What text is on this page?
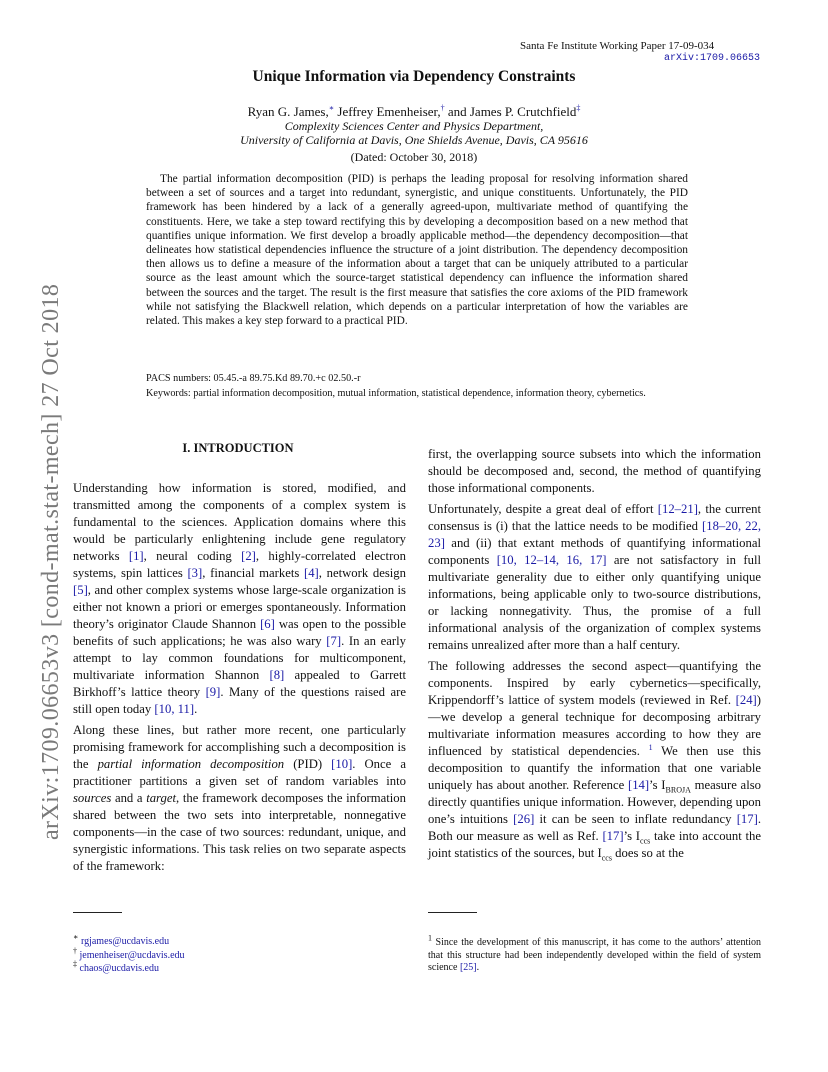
Santa Fe Institute Working Paper 17-09-034
arXiv:1709.06653
Unique Information via Dependency Constraints
Ryan G. James,∗ Jeffrey Emenheiser,† and James P. Crutchfield‡
Complexity Sciences Center and Physics Department,
University of California at Davis, One Shields Avenue, Davis, CA 95616
(Dated: October 30, 2018)
The partial information decomposition (PID) is perhaps the leading proposal for resolving information shared between a set of sources and a target into redundant, synergistic, and unique constituents. Unfortunately, the PID framework has been hindered by a lack of a generally agreed-upon, multivariate method of quantifying the constituents. Here, we take a step toward rectifying this by developing a decomposition based on a new method that quantifies unique information. We first develop a broadly applicable method—the dependency decomposition—that delineates how statistical dependencies influence the structure of a joint distribution. The dependency decomposition then allows us to define a measure of the information about a target that can be uniquely attributed to a particular source as the least amount which the source-target statistical dependency can influence the information shared between the sources and the target. The result is the first measure that satisfies the core axioms of the PID framework while not satisfying the Blackwell relation, which depends on a particular interpretation of how the variables are related. This makes a key step forward to a practical PID.
PACS numbers: 05.45.-a 89.75.Kd 89.70.+c 02.50.-r
Keywords: partial information decomposition, mutual information, statistical dependence, information theory, cybernetics.
arXiv:1709.06653v3 [cond-mat.stat-mech] 27 Oct 2018	I. INTRODUCTION

Understanding how information is stored, modified, and transmitted among the components of a complex system is fundamental to the sciences. Application domains where this would be particularly enlightening include gene regulatory networks [1], neural coding [2], highly-correlated electron systems, spin lattices [3], financial markets [4], network design [5], and other complex systems whose large-scale organization is either not known a priori or emerges spontaneously. Information theory’s originator Claude Shannon [6] was open to the possible benefits of such applications; he was also wary [7]. In an early attempt to lay common foundations for multicomponent, multivariate information Shannon [8] appealed to Garrett Birkhoff’s lattice theory [9]. Many of the questions raised are still open today [10, 11].

Along these lines, but rather more recent, one particularly promising framework for accomplishing such a decomposition is the partial information decomposition (PID) [10]. Once a practitioner partitions a given set of random variables into sources and a target, the framework decomposes the information shared between the two sets into interpretable, nonnegative components—in the case of two sources: redundant, unique, and synergistic informations. This task relies on two separate aspects of the framework:

first, the overlapping source subsets into which the information should be decomposed and, second, the method of quantifying those informational components.

Unfortunately, despite a great deal of effort [12–21], the current consensus is (i) that the lattice needs to be modified [18–20, 22, 23] and (ii) that extant methods of quantifying informational components [10, 12–14, 16, 17] are not satisfactory in full multivariate generality due to either only quantifying unique informations, being applicable only to two-source distributions, or lacking nonnegativity. Thus, the promise of a full informational analysis of the organization of complex systems remains unrealized after more than a half century.

The following addresses the second aspect—quantifying the components. Inspired by early cybernetics—specifically, Krippendorff’s lattice of system models (reviewed in Ref. [24])—we develop a general technique for decomposing arbitrary multivariate information measures according to how they are influenced by statistical dependencies. $^1$ We then use this decomposition to quantify the information that one variable uniquely has about another. Reference [14]’s $I_{BROJA}$ measure also directly quantifies unique information. However, depending upon one’s intuitions [26] it can be seen to inflate redundancy [17]. Both our measure as well as Ref. [17]’s $I_{ccs}$ take into account the joint statistics of the sources, but $I_{ccs}$ does so at the

∗ rgjames@ucdavis.edu
† jemenheiser@ucdavis.edu
‡ chaos@ucdavis.edu
$^1$ Since the development of this manuscript, it has come to the authors’ attention that this structure had been independently developed within the field of system science [25].
